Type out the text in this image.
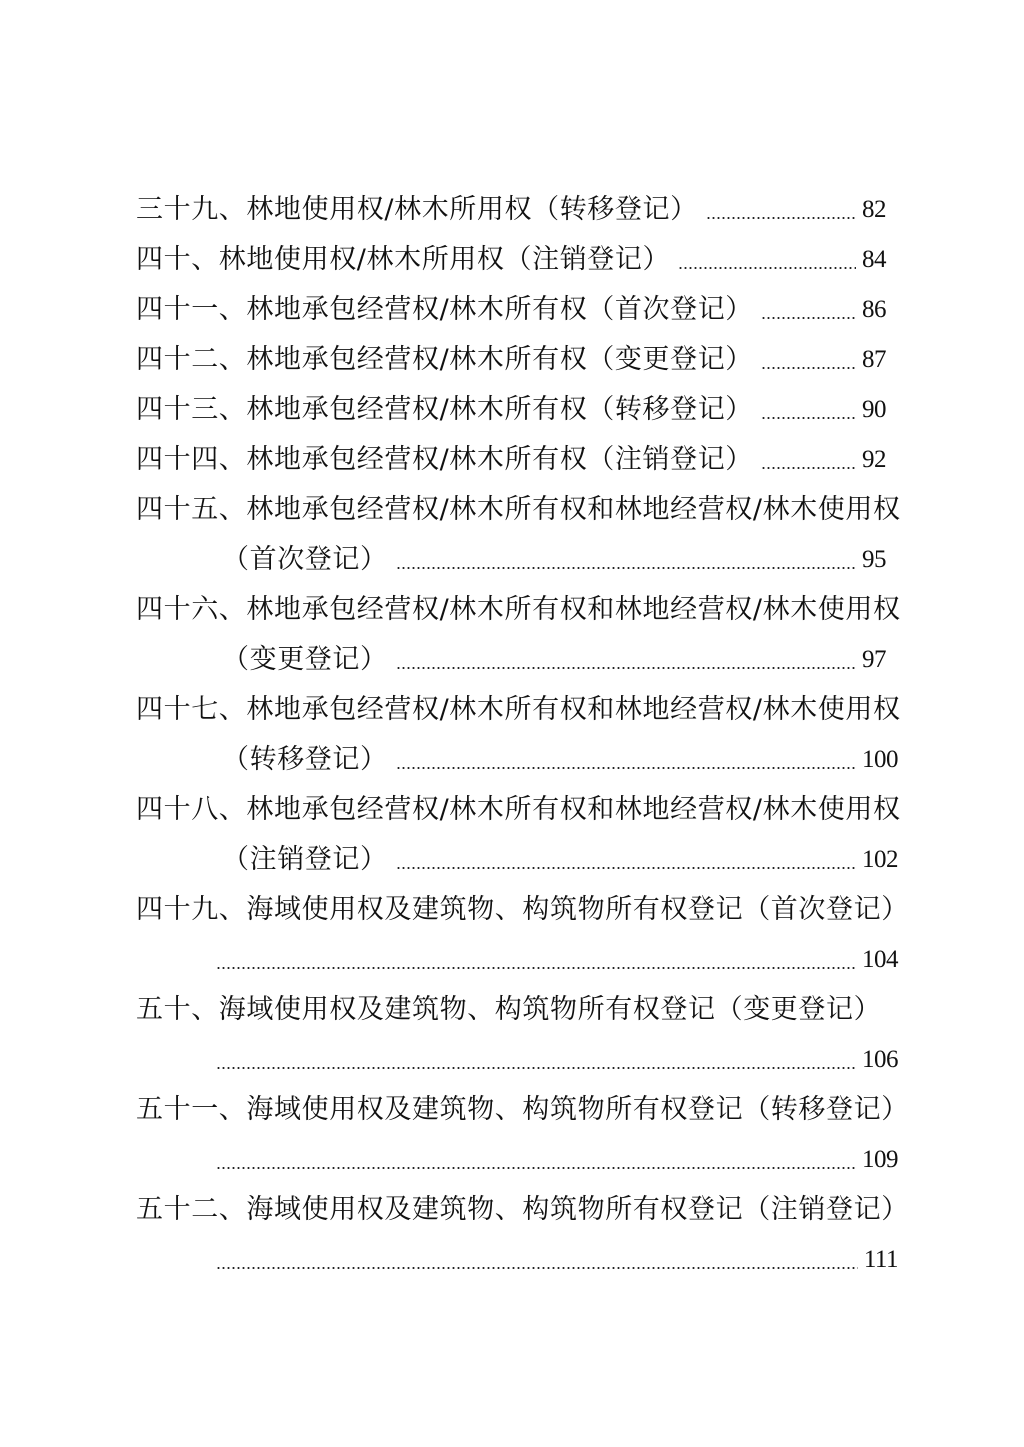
三十九、林地使用权/林木所用权（转移登记）	82
四十、林地使用权/林木所用权（注销登记）	84
四十一、林地承包经营权/林木所有权（首次登记）	86
四十二、林地承包经营权/林木所有权（变更登记）	87
四十三、林地承包经营权/林木所有权（转移登记）	90
四十四、林地承包经营权/林木所有权（注销登记）	92
四十五、林地承包经营权/林木所有权和林地经营权/林木使用权
（首次登记）	95
四十六、林地承包经营权/林木所有权和林地经营权/林木使用权
（变更登记）	97
四十七、林地承包经营权/林木所有权和林地经营权/林木使用权
（转移登记）	100
四十八、林地承包经营权/林木所有权和林地经营权/林木使用权
（注销登记）	102
四十九、海域使用权及建筑物、构筑物所有权登记（首次登记）
104
五十、海域使用权及建筑物、构筑物所有权登记（变更登记）
106
五十一、海域使用权及建筑物、构筑物所有权登记（转移登记）
109
五十二、海域使用权及建筑物、构筑物所有权登记（注销登记）
111
